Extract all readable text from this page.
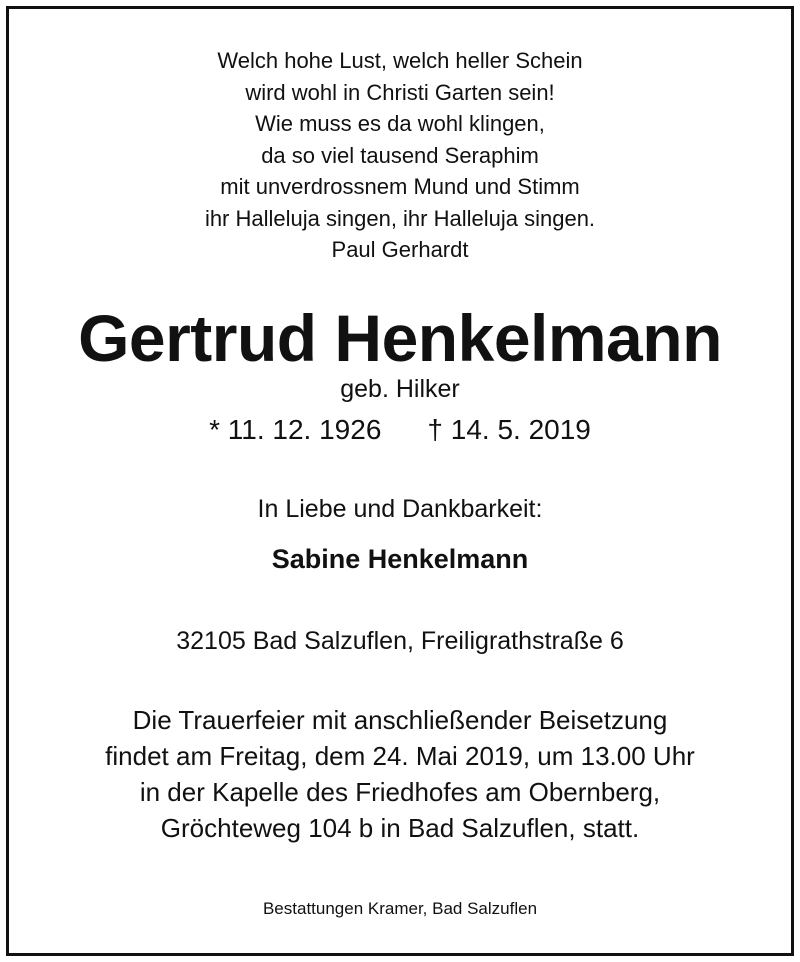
Welch hohe Lust, welch heller Schein
wird wohl in Christi Garten sein!
Wie muss es da wohl klingen,
da so viel tausend Seraphim
mit unverdrossnem Mund und Stimm
ihr Halleluja singen, ihr Halleluja singen.
Paul Gerhardt
Gertrud Henkelmann
geb. Hilker
* 11. 12. 1926 † 14. 5. 2019
In Liebe und Dankbarkeit:
Sabine Henkelmann
32105 Bad Salzuflen, Freiligrathstraße 6
Die Trauerfeier mit anschließender Beisetzung
findet am Freitag, dem 24. Mai 2019, um 13.00 Uhr
in der Kapelle des Friedhofes am Obernberg,
Gröchteweg 104 b in Bad Salzuflen, statt.
Bestattungen Kramer, Bad Salzuflen
